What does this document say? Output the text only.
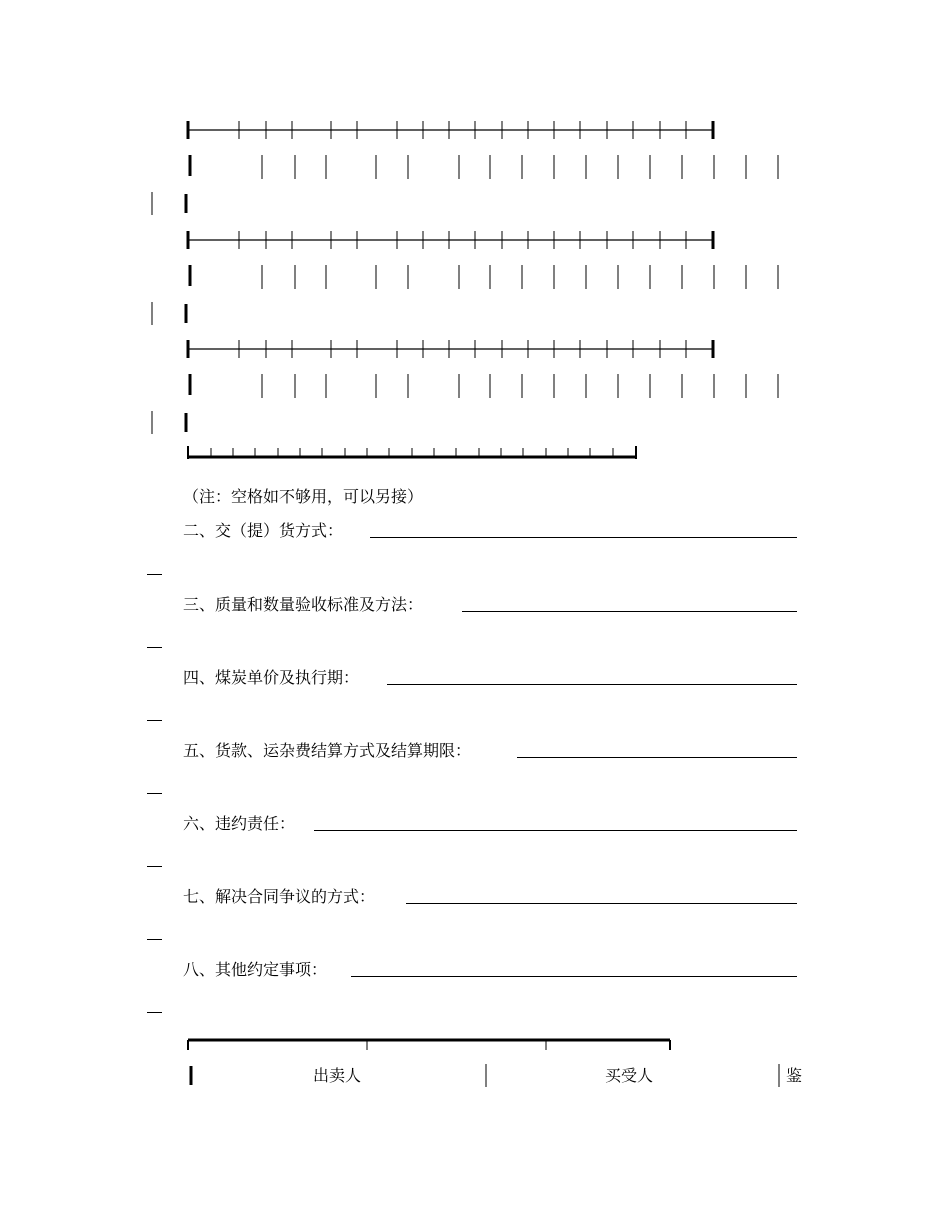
（注：空格如不够用，可以另接）
二、交（提）货方式：
三、质量和数量验收标准及方法：
四、煤炭单价及执行期：
五、货款、运杂费结算方式及结算期限：
六、违约责任：
七、解决合同争议的方式：
八、其他约定事项：
出卖人	买受人	鉴
